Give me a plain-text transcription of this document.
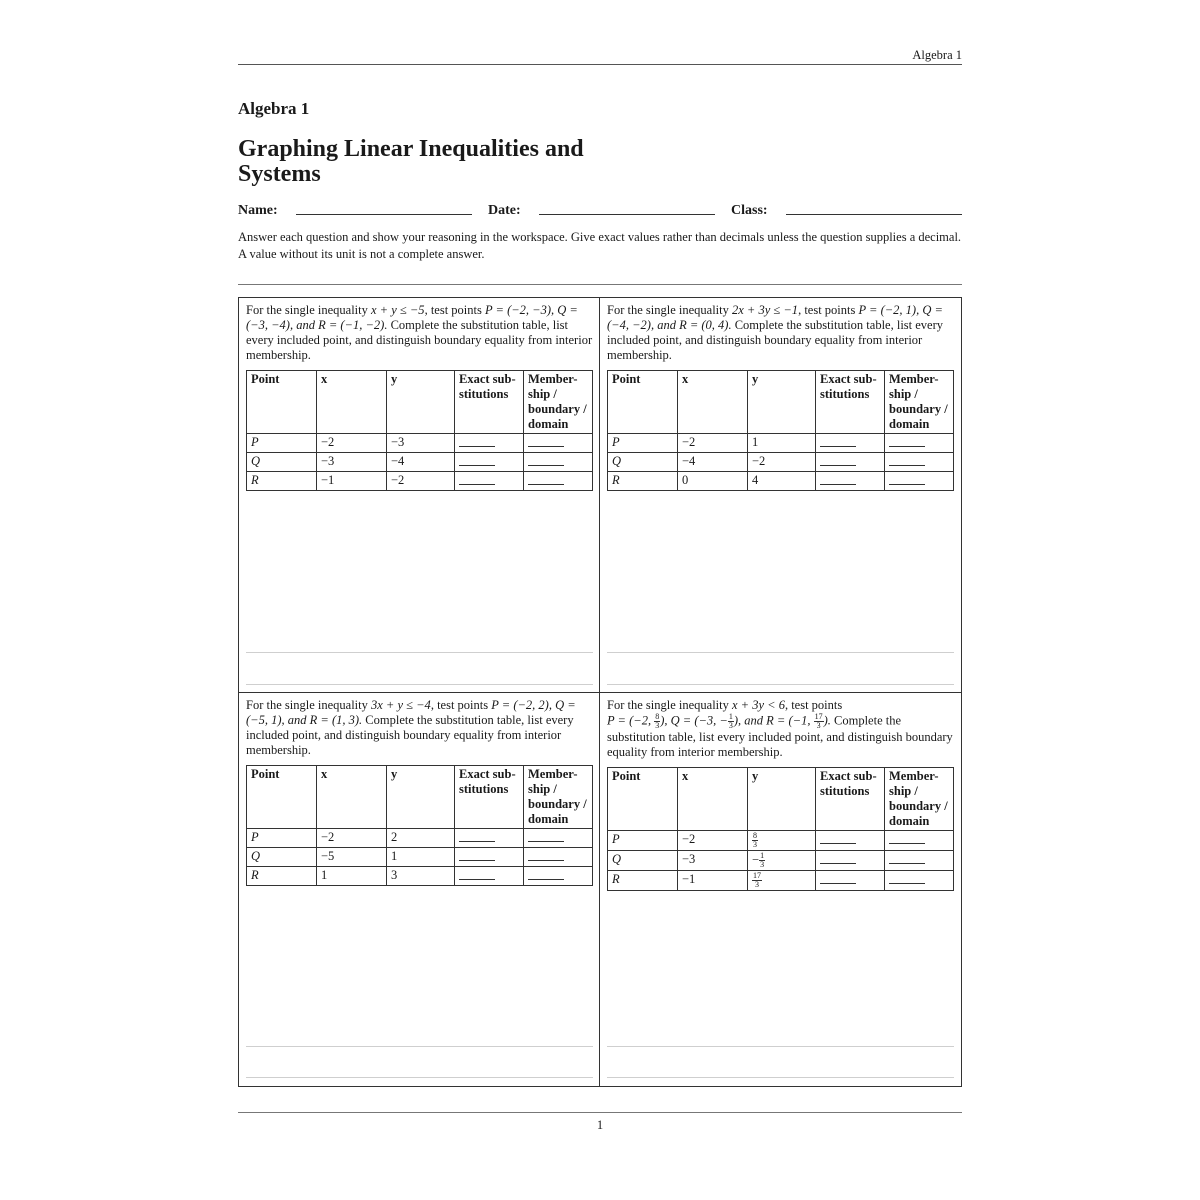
Algebra 1
Algebra 1
Graphing Linear Inequalities and Systems
Name:	Date:	Class:
Answer each question and show your reasoning in the workspace. Give exact values rather than decimals unless the question supplies a decimal. A value without its unit is not a complete answer.
For the single inequality x + y ≤ −5, test points P = (−2, −3), Q = (−3, −4), and R = (−1, −2). Complete the substitution table, list every included point, and distinguish boundary equality from interior membership.
Point	x	y	Exact sub- stitutions	Member- ship / boundary / domain
P	−2	−3		
Q	−3	−4		
R	−1	−2		
For the single inequality 2x + 3y ≤ −1, test points P = (−2, 1), Q = (−4, −2), and R = (0, 4). Complete the substitution table, list every included point, and distinguish boundary equality from interior membership.
Point	x	y	Exact sub- stitutions	Member- ship / boundary / domain
P	−2	1		
Q	−4	−2		
R	0	4		
For the single inequality 3x + y ≤ −4, test points P = (−2, 2), Q = (−5, 1), and R = (1, 3). Complete the substitution table, list every included point, and distinguish boundary equality from interior membership.
Point	x	y	Exact sub- stitutions	Member- ship / boundary / domain
P	−2	2		
Q	−5	1		
R	1	3		
For the single inequality x + 3y < 6, test points
P = (−2, $\frac{8}{3}$ ), Q = (−3, − $\frac{1}{3}$ ), and R = (−1, $\frac{17}{3}$ ). Complete the substitution table, list every included point, and distinguish boundary equality from interior membership.
Point	x	y	Exact sub- stitutions	Member- ship / boundary / domain
P	−2	$\frac{8}{3}$

Q	−3	− $\frac{1}{3}$

R	−1	$\frac{17}{3}$

1
